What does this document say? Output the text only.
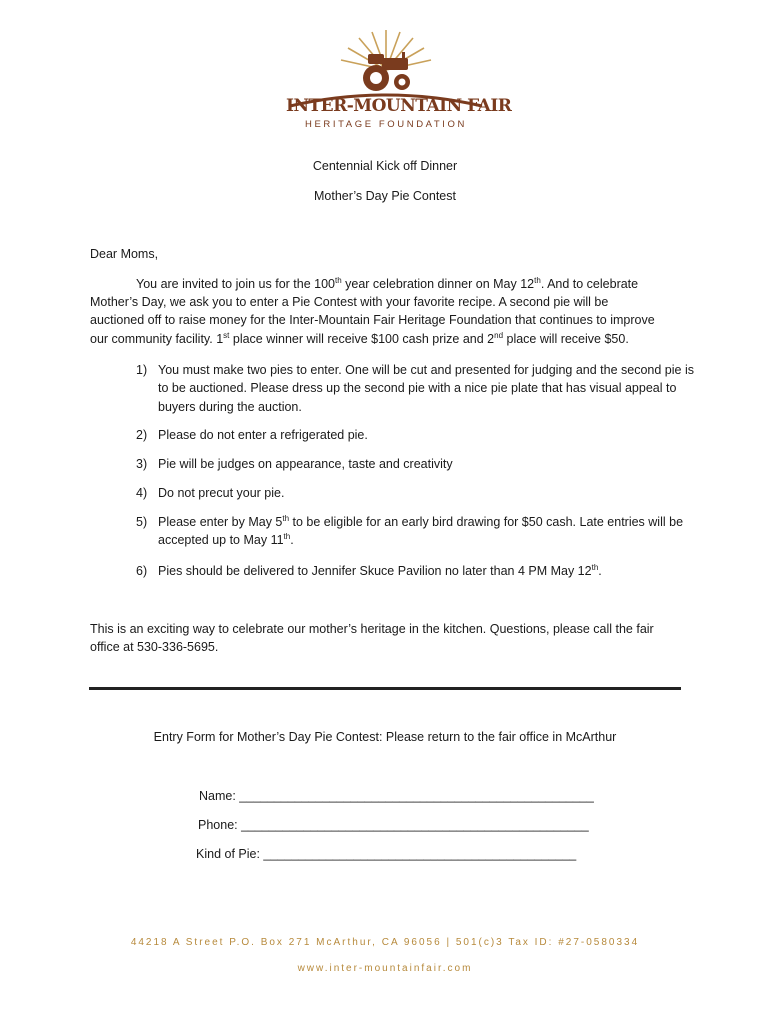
INTER-MOUNTAIN FAIR
HERITAGE FOUNDATION
Centennial Kick off Dinner
Mother’s Day Pie Contest
Dear Moms,
You are invited to join us for the 100th year celebration dinner on May 12th. And to celebrate
Mother’s Day, we ask you to enter a Pie Contest with your favorite recipe. A second pie will be
auctioned off to raise money for the Inter-Mountain Fair Heritage Foundation that continues to improve
our community facility. 1st place winner will receive $100 cash prize and 2nd place will receive $50.
1) You must make two pies to enter. One will be cut and presented for judging and the second pie is to be auctioned. Please dress up the second pie with a nice pie plate that has visual appeal to buyers during the auction.
2) Please do not enter a refrigerated pie.
3) Pie will be judges on appearance, taste and creativity
4) Do not precut your pie.
5) Please enter by May 5th to be eligible for an early bird drawing for $50 cash. Late entries will be accepted up to May 11th.
6) Pies should be delivered to Jennifer Skuce Pavilion no later than 4 PM May 12th.
This is an exciting way to celebrate our mother’s heritage in the kitchen. Questions, please call the fair
office at 530-336-5695.
Entry Form for Mother’s Day Pie Contest: Please return to the fair office in McArthur
Name: ___________________________________________________
Phone: __________________________________________________
Kind of Pie: _____________________________________________
44218 A Street P.O. Box 271 McArthur, CA 96056 | 501(c)3 Tax ID: #27-0580334
www.inter-mountainfair.com
